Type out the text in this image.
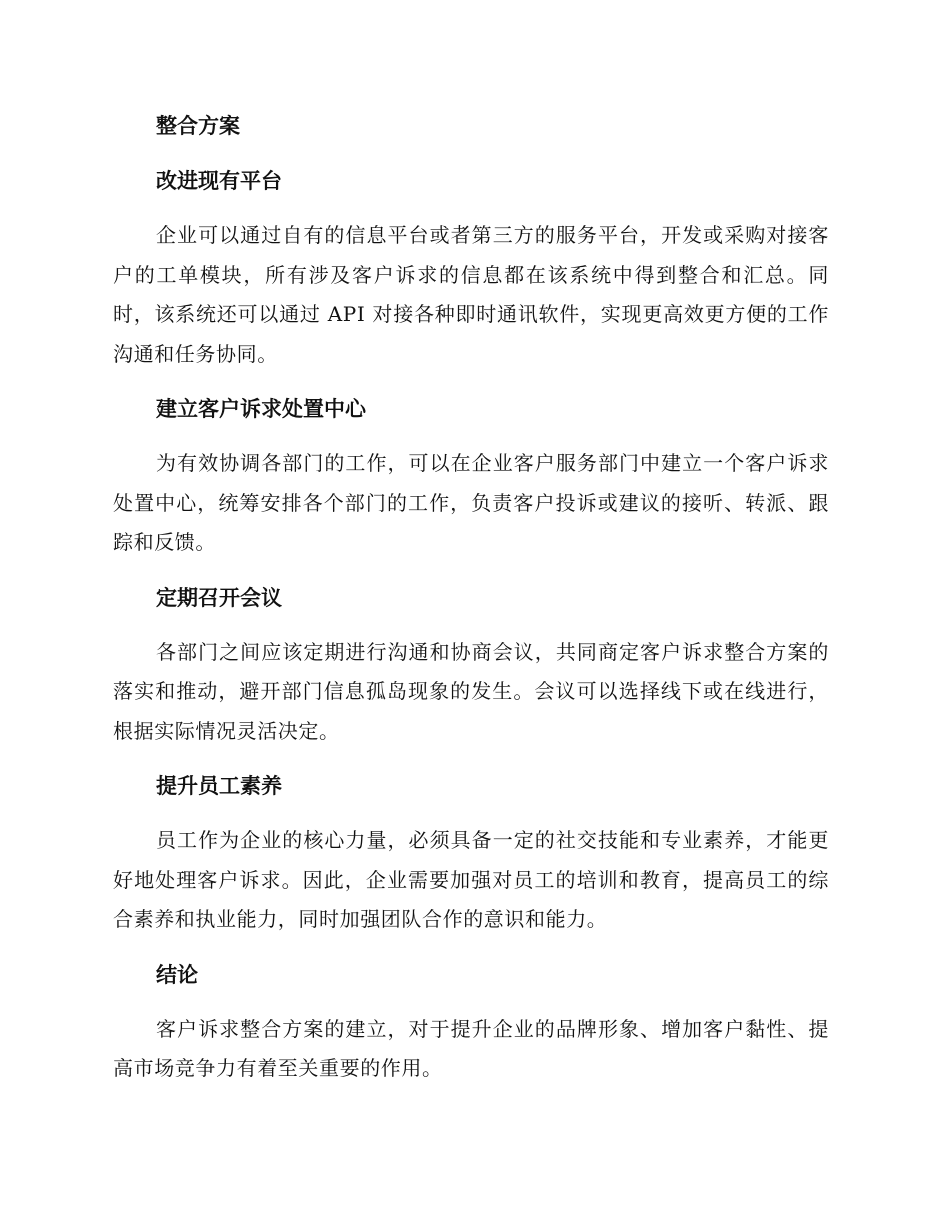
整合方案
改进现有平台

企业可以通过自有的信息平台或者第三方的服务平台，开发或采购对接客户的工单模块，所有涉及客户诉求的信息都在该系统中得到整合和汇总。同时，该系统还可以通过 API 对接各种即时通讯软件，实现更高效更方便的工作沟通和任务协同。

建立客户诉求处置中心

为有效协调各部门的工作，可以在企业客户服务部门中建立一个客户诉求处置中心，统筹安排各个部门的工作，负责客户投诉或建议的接听、转派、跟踪和反馈。

定期召开会议

各部门之间应该定期进行沟通和协商会议，共同商定客户诉求整合方案的落实和推动，避开部门信息孤岛现象的发生。会议可以选择线下或在线进行，根据实际情况灵活决定。

提升员工素养

员工作为企业的核心力量，必须具备一定的社交技能和专业素养，才能更好地处理客户诉求。因此，企业需要加强对员工的培训和教育，提高员工的综合素养和执业能力，同时加强团队合作的意识和能力。

结论

客户诉求整合方案的建立，对于提升企业的品牌形象、增加客户黏性、提高市场竞争力有着至关重要的作用。
